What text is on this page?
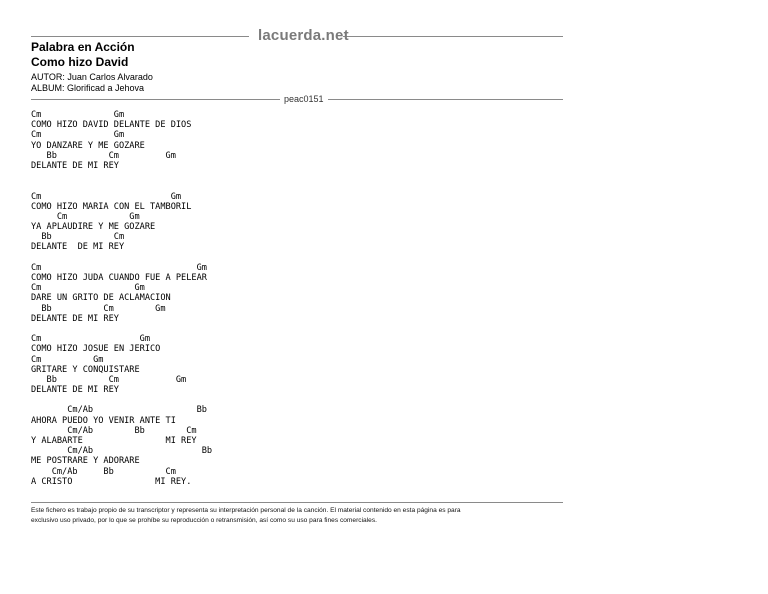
lacuerda.net
Palabra en Acción
Como hizo David
AUTOR: Juan Carlos Alvarado
ALBUM: Glorificad a Jehova
peac0151
Cm              Gm
COMO HIZO DAVID DELANTE DE DIOS
Cm              Gm
YO DANZARE Y ME GOZARE
Bb          Cm         Gm
DELANTE DE MI REY
Cm                         Gm
COMO HIZO MARIA CON EL TAMBORIL
Cm            Gm
YA APLAUDIRE Y ME GOZARE
Bb            Cm
DELANTE  DE MI REY
Cm                              Gm
COMO HIZO JUDA CUANDO FUE A PELEAR
Cm                  Gm
DARE UN GRITO DE ACLAMACION
Bb          Cm        Gm
DELANTE DE MI REY
Cm                   Gm
COMO HIZO JOSUE EN JERICO
Cm          Gm
GRITARE Y CONQUISTARE
Bb          Cm           Gm
DELANTE DE MI REY
Cm/Ab                    Bb
AHORA PUEDO YO VENIR ANTE TI
Cm/Ab        Bb        Cm
Y ALABARTE                MI REY
Cm/Ab                     Bb
ME POSTRARE Y ADORARE
Cm/Ab     Bb          Cm
A CRISTO                MI REY.
Este fichero es trabajo propio de su transcriptor y representa su interpretación personal de la canción. El material contenido en esta página es para
exclusivo uso privado, por lo que se prohíbe su reproducción o retransmisión, así como su uso para fines comerciales.
